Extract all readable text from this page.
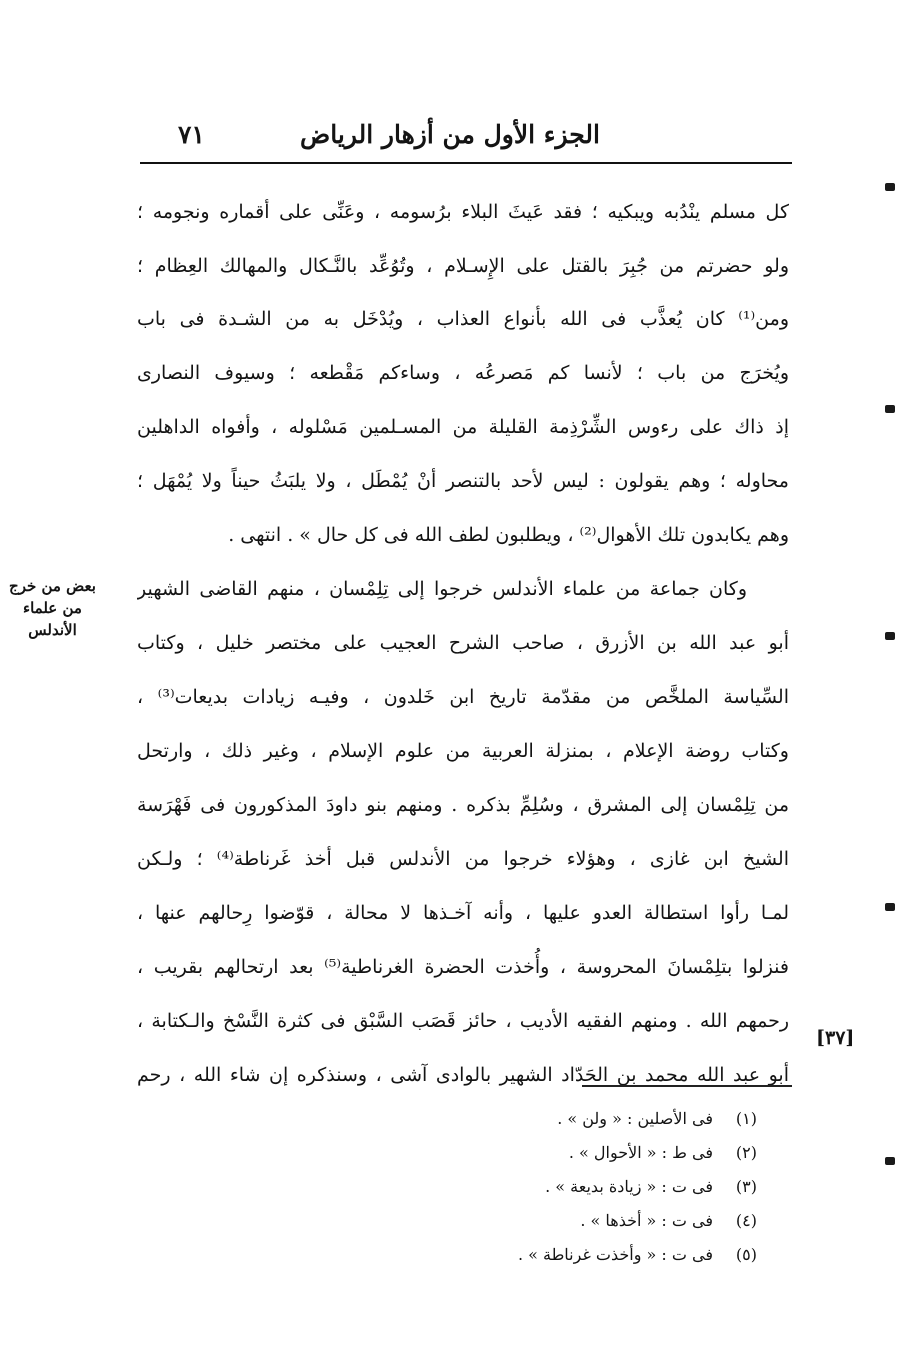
الجزء الأول من أزهار الرياض
٧١
كل مسلم ينْدُبه ويبكيه ؛ فقد عَيثَ البلاء برُسومه ، وعَنِّى على أقماره ونجومه ؛
ولو حضرتم من جُبِرَ بالقتل على الإِسـلام ، وتُوُعِّد بالنَّـكال والمهالك العِظام ؛
ومن⁽¹⁾ كان يُعذَّب فى الله بأنواع العذاب ، ويُدْخَل به من الشـدة فى باب
ويُخرَج من باب ؛ لأنسا كم مَصرعُه ، وساءكم مَقْطعه ؛ وسيوف النصارى
إذ ذاك على رءوس الشِّرْذِمة القليلة من المسـلمين مَسْلوله ، وأفواه الداهلين
محاوله ؛ وهم يقولون : ليس لأحد بالتنصر أنْ يُمْطَل ، ولا يلبَثُ حيناً ولا يُمْهَل ؛
وهم يكابدون تلك الأهوال⁽²⁾ ، ويطلبون لطف الله فى كل حال » . انتهى .
وكان جماعة من علماء الأندلس خرجوا إلى تِلِمْسان ، منهم القاضى الشهير
أبو عبد الله بن الأزرق ، صاحب الشرح العجيب على مختصر خليل ، وكتاب
السِّياسة الملخَّص من مقدّمة تاريخ ابن خَلدون ، وفيـه زيادات بديعات⁽³⁾ ،
وكتاب روضة الإعلام ، بمنزلة العربية من علوم الإسلام ، وغير ذلك ، وارتحل
من تِلِمْسان إلى المشرق ، وسُلِمِّ بذكره . ومنهم بنو داودَ المذكورون فى فَهْرَسة
الشيخ ابن غازى ، وهؤلاء خرجوا من الأندلس قبل أخذ غَرناطة⁽⁴⁾ ؛ ولـكن
لمـا رأوا استطالة العدو عليها ، وأنه آخـذها لا محالة ، قوّضوا رِحالهم عنها ،
فنزلوا بتلِمْسانَ المحروسة ، وأُخذت الحضرة الغرناطية⁽⁵⁾ بعد ارتحالهم بقريب ،
رحمهم الله . ومنهم الفقيه الأديب ، حائز قَصَب السَّبْق فى كثرة النَّسْخ والـكتابة ،
أبو عبد الله محمد بن الحَدّاد الشهير بالوادى آشى ، وسنذكره إن شاء الله ، رحم
بعض من خرج
من علماء
الأندلس
[٣٧]
(١)فى الأصلين : « ولن » .
(٢)فى ط : « الأحوال » .
(٣)فى ت : « زيادة بديعة » .
(٤)فى ت : « أخذها » .
(٥)فى ت : « وأخذت غرناطة » .
